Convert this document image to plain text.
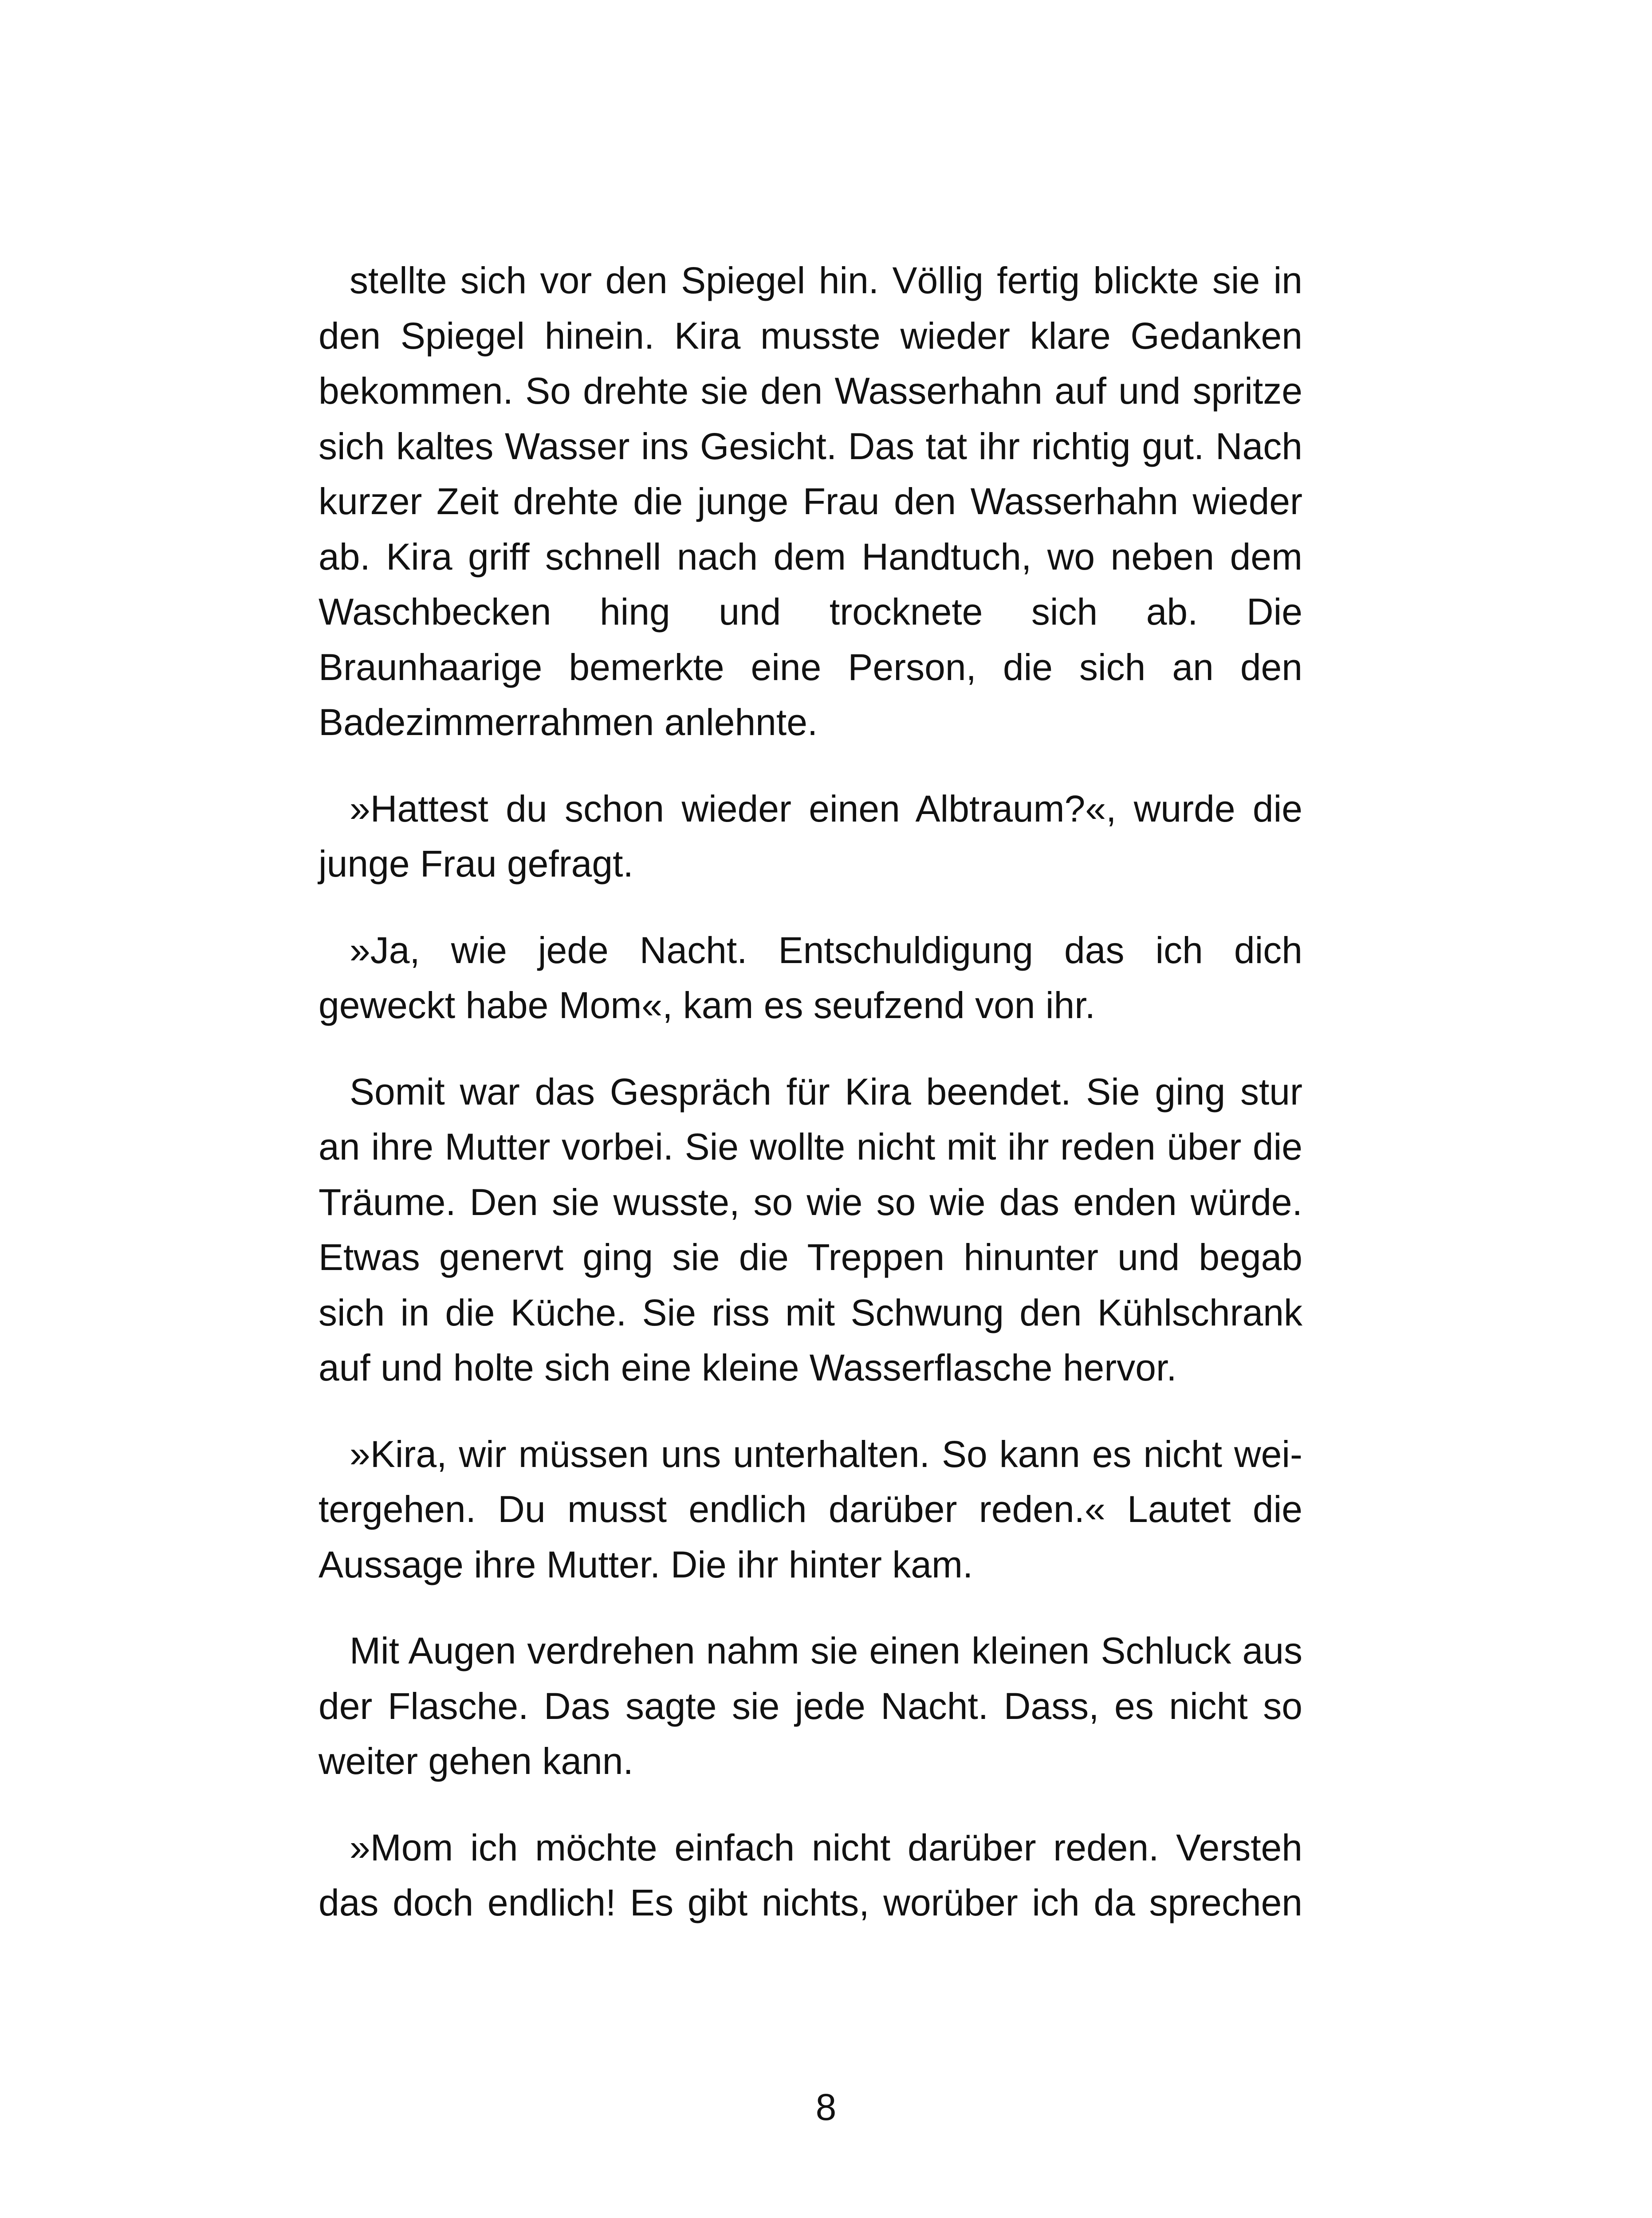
stellte sich vor den Spiegel hin. Völlig fertig blickte sie in den Spiegel hinein. Kira musste wieder klare Gedanken bekommen. So drehte sie den Wasserhahn auf und spritze sich kaltes Wasser ins Gesicht. Das tat ihr richtig gut. Nach kurzer Zeit drehte die junge Frau den Wasserhahn wieder ab. Kira griff schnell nach dem Handtuch, wo neben dem Waschbecken hing und trocknete sich ab. Die Braunhaarige bemerkte eine Person, die sich an den Badezimmerrahmen anlehnte.

»Hattest du schon wieder einen Albtraum?«, wurde die junge Frau gefragt.

»Ja, wie jede Nacht. Entschuldigung das ich dich geweckt habe Mom«, kam es seufzend von ihr.

Somit war das Gespräch für Kira beendet. Sie ging stur an ihre Mutter vorbei. Sie wollte nicht mit ihr reden über die Träume. Den sie wusste, so wie so wie das enden würde. Etwas genervt ging sie die Treppen hinunter und begab sich in die Küche. Sie riss mit Schwung den Kühlschrank auf und holte sich eine kleine Wasserflasche hervor.

»Kira, wir müssen uns unterhalten. So kann es nicht wei-tergehen. Du musst endlich darüber reden.« Lautet die Aussage ihre Mutter. Die ihr hinter kam.

Mit Augen verdrehen nahm sie einen kleinen Schluck aus der Flasche. Das sagte sie jede Nacht. Dass, es nicht so weiter gehen kann.

»Mom ich möchte einfach nicht darüber reden. Versteh das doch endlich! Es gibt nichts, worüber ich da sprechen

8
